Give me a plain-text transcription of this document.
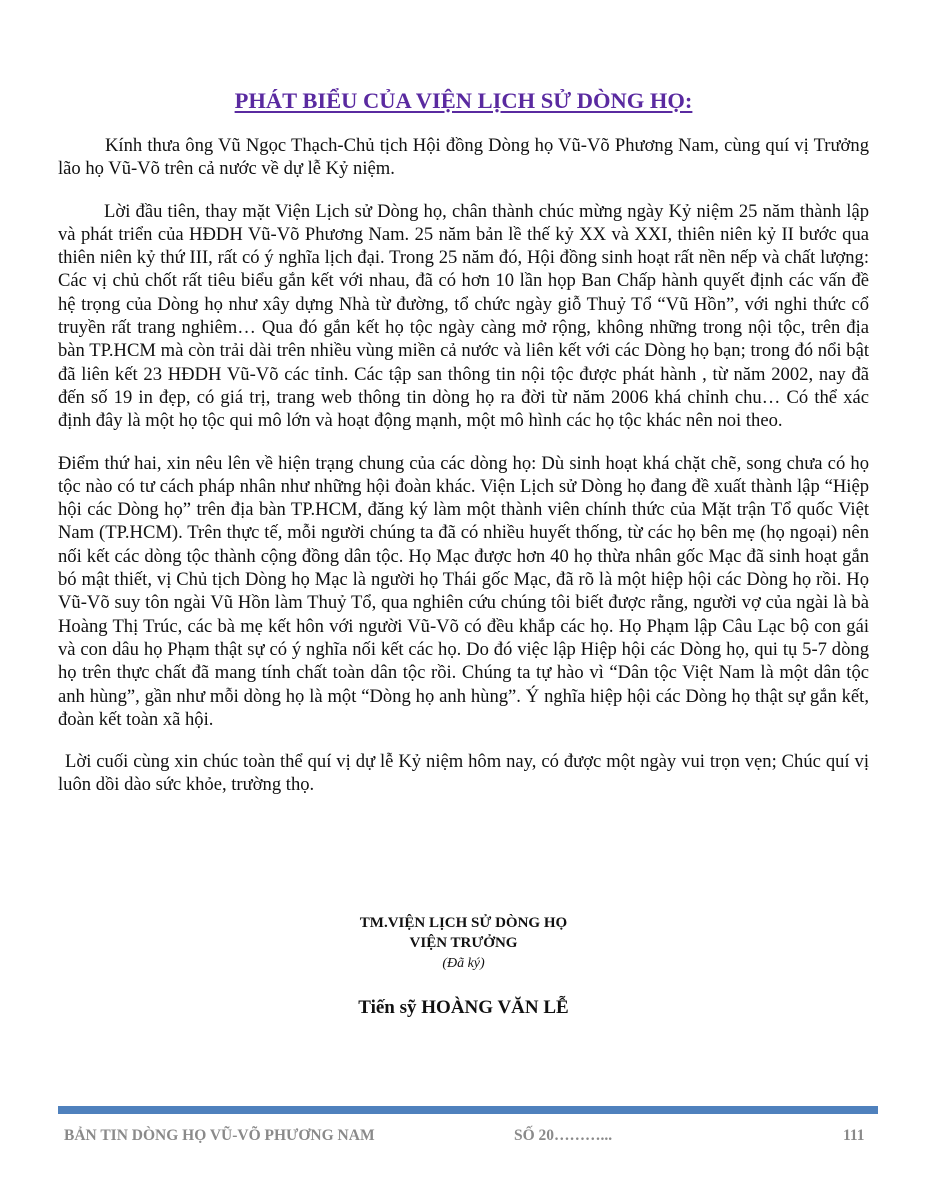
PHÁT BIỂU CỦA VIỆN LỊCH SỬ DÒNG HỌ:

Kính thưa ông Vũ Ngọc Thạch-Chủ tịch Hội đồng Dòng họ Vũ-Võ Phương Nam, cùng quí vị Trưởng lão họ Vũ-Võ trên cả nước về dự lễ Kỷ niệm.

Lời đầu tiên, thay mặt Viện Lịch sử Dòng họ, chân thành chúc mừng ngày Kỷ niệm 25 năm thành lập và phát triển của HĐDH Vũ-Võ Phương Nam. 25 năm bản lề thế kỷ XX và XXI, thiên niên kỷ II bước qua thiên niên kỷ thứ III, rất có ý nghĩa lịch đại. Trong 25 năm đó, Hội đồng sinh hoạt rất nền nếp và chất lượng: Các vị chủ chốt rất tiêu biểu gắn kết với nhau, đã có hơn 10 lần họp Ban Chấp hành quyết định các vấn đề hệ trọng của Dòng họ như xây dựng Nhà từ đường, tổ chức ngày giỗ Thuỷ Tổ “Vũ Hồn”, với nghi thức cổ truyền rất trang nghiêm… Qua đó gắn kết họ tộc ngày càng mở rộng, không những trong nội tộc, trên địa bàn TP.HCM mà còn trải dài trên nhiều vùng miền cả nước và liên kết với các Dòng họ bạn; trong đó nổi bật đã liên kết 23 HĐDH Vũ-Võ các tỉnh. Các tập san thông tin nội tộc được phát hành , từ năm 2002, nay đã đến số 19 in đẹp, có giá trị, trang web thông tin dòng họ ra đời từ năm 2006 khá chỉnh chu… Có thể xác định đây là một họ tộc qui mô lớn và hoạt động mạnh, một mô hình các họ tộc khác nên noi theo.

Điểm thứ hai, xin nêu lên về hiện trạng chung của các dòng họ: Dù sinh hoạt khá chặt chẽ, song chưa có họ tộc nào có tư cách pháp nhân như những hội đoàn khác. Viện Lịch sử Dòng họ đang đề xuất thành lập “Hiệp hội các Dòng họ” trên địa bàn TP.HCM, đăng ký làm một thành viên chính thức của Mặt trận Tổ quốc Việt Nam (TP.HCM). Trên thực tế, mỗi người chúng ta đã có nhiều huyết thống, từ các họ bên mẹ (họ ngoại) nên nối kết các dòng tộc thành cộng đồng dân tộc. Họ Mạc được hơn 40 họ thừa nhân gốc Mạc đã sinh hoạt gắn bó mật thiết, vị Chủ tịch Dòng họ Mạc là người họ Thái gốc Mạc, đã rõ là một hiệp hội các Dòng họ rồi. Họ Vũ-Võ suy tôn ngài Vũ Hồn làm Thuỷ Tổ, qua nghiên cứu chúng tôi biết được rằng, người vợ của ngài là bà Hoàng Thị Trúc, các bà mẹ kết hôn với người Vũ-Võ có đều khắp các họ. Họ Phạm lập Câu Lạc bộ con gái và con dâu họ Phạm thật sự có ý nghĩa nối kết các họ. Do đó việc lập Hiệp hội các Dòng họ, qui tụ 5-7 dòng họ trên thực chất đã mang tính chất toàn dân tộc rồi. Chúng ta tự hào vì “Dân tộc Việt Nam là một dân tộc anh hùng”, gần như mỗi dòng họ là một “Dòng họ anh hùng”. Ý nghĩa hiệp hội các Dòng họ thật sự gắn kết, đoàn kết toàn xã hội.

Lời cuối cùng xin chúc toàn thể quí vị dự lễ Kỷ niệm hôm nay, có được một ngày vui trọn vẹn; Chúc quí vị luôn dồi dào sức khỏe, trường thọ.

TM.VIỆN LỊCH SỬ DÒNG HỌ
VIỆN TRƯỞNG
(Đã ký)
Tiến sỹ HOÀNG VĂN LỄ
BẢN TIN DÒNG HỌ VŨ-VÕ PHƯƠNG NAM	SỐ 20………...	111
